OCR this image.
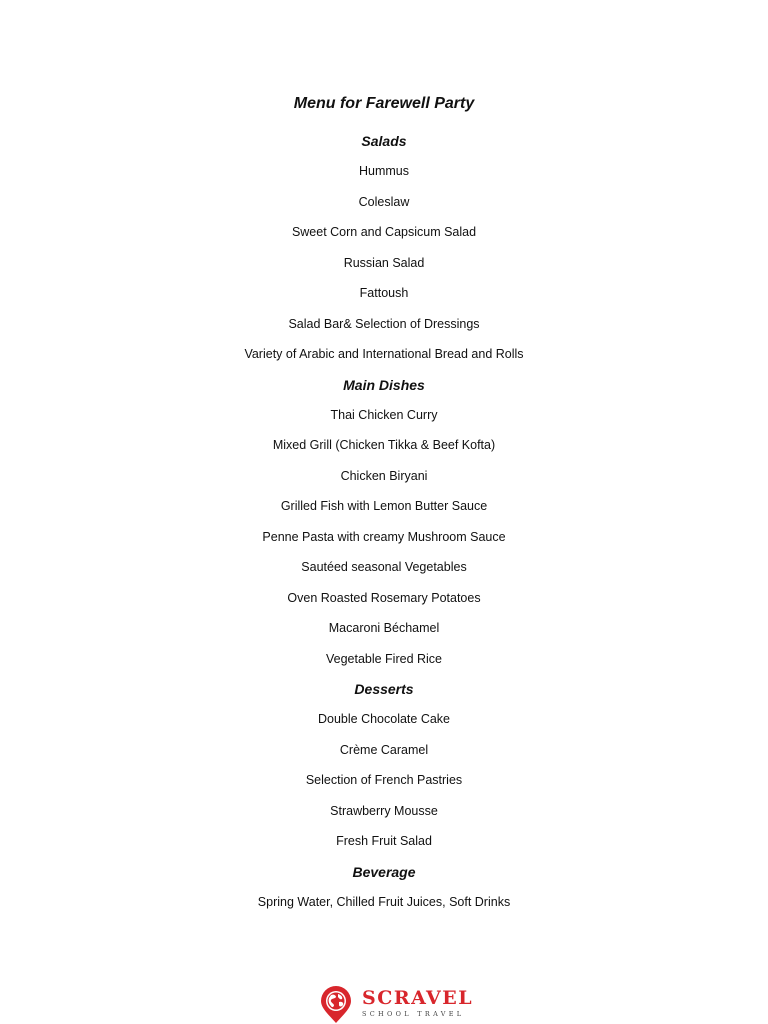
Menu for Farewell Party
Salads
Hummus
Coleslaw
Sweet Corn and Capsicum Salad
Russian Salad
Fattoush
Salad Bar& Selection of Dressings
Variety of Arabic and International Bread and Rolls
Main Dishes
Thai Chicken Curry
Mixed Grill (Chicken Tikka & Beef Kofta)
Chicken Biryani
Grilled Fish with Lemon Butter Sauce
Penne Pasta with creamy Mushroom Sauce
Sautéed seasonal Vegetables
Oven Roasted Rosemary Potatoes
Macaroni Béchamel
Vegetable Fired Rice
Desserts
Double Chocolate Cake
Crème Caramel
Selection of French Pastries
Strawberry Mousse
Fresh Fruit Salad
Beverage
Spring Water, Chilled Fruit Juices, Soft Drinks
SCRAVEL
SCHOOL TRAVEL
